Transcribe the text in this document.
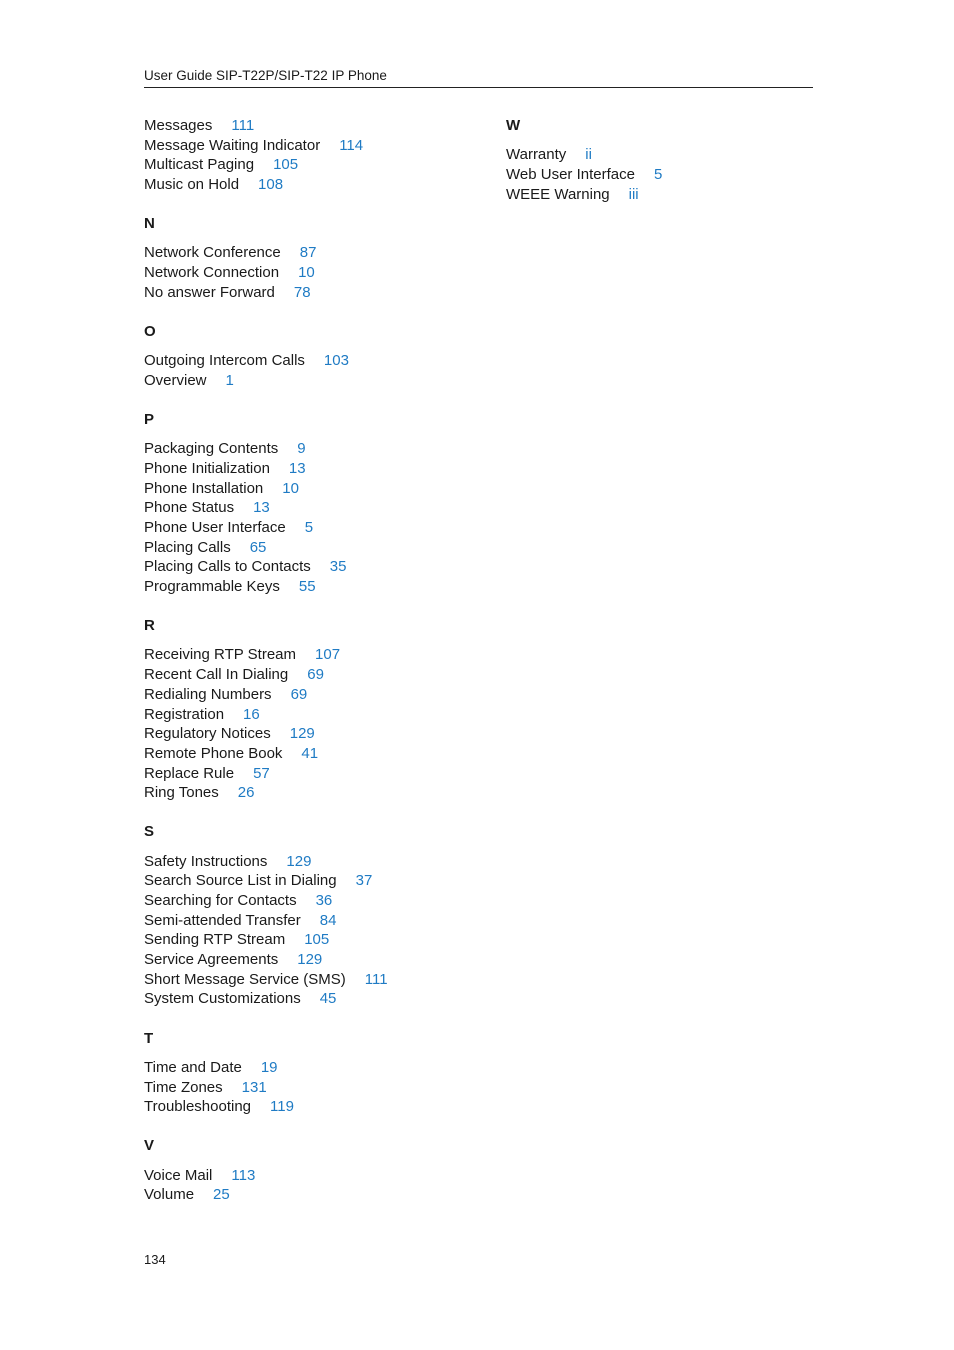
User Guide SIP-T22P/SIP-T22 IP Phone
Messages 111
Message Waiting Indicator 114
Multicast Paging 105
Music on Hold 108
N
Network Conference 87
Network Connection 10
No answer Forward 78
O
Outgoing Intercom Calls 103
Overview 1
P
Packaging Contents 9
Phone Initialization 13
Phone Installation 10
Phone Status 13
Phone User Interface 5
Placing Calls 65
Placing Calls to Contacts 35
Programmable Keys 55
R
Receiving RTP Stream 107
Recent Call In Dialing 69
Redialing Numbers 69
Registration 16
Regulatory Notices 129
Remote Phone Book 41
Replace Rule 57
Ring Tones 26
S
Safety Instructions 129
Search Source List in Dialing 37
Searching for Contacts 36
Semi-attended Transfer 84
Sending RTP Stream 105
Service Agreements 129
Short Message Service (SMS) 111
System Customizations 45
T
Time and Date 19
Time Zones 131
Troubleshooting 119
V
Voice Mail 113
Volume 25
W
Warranty ii
Web User Interface 5
WEEE Warning iii
134
